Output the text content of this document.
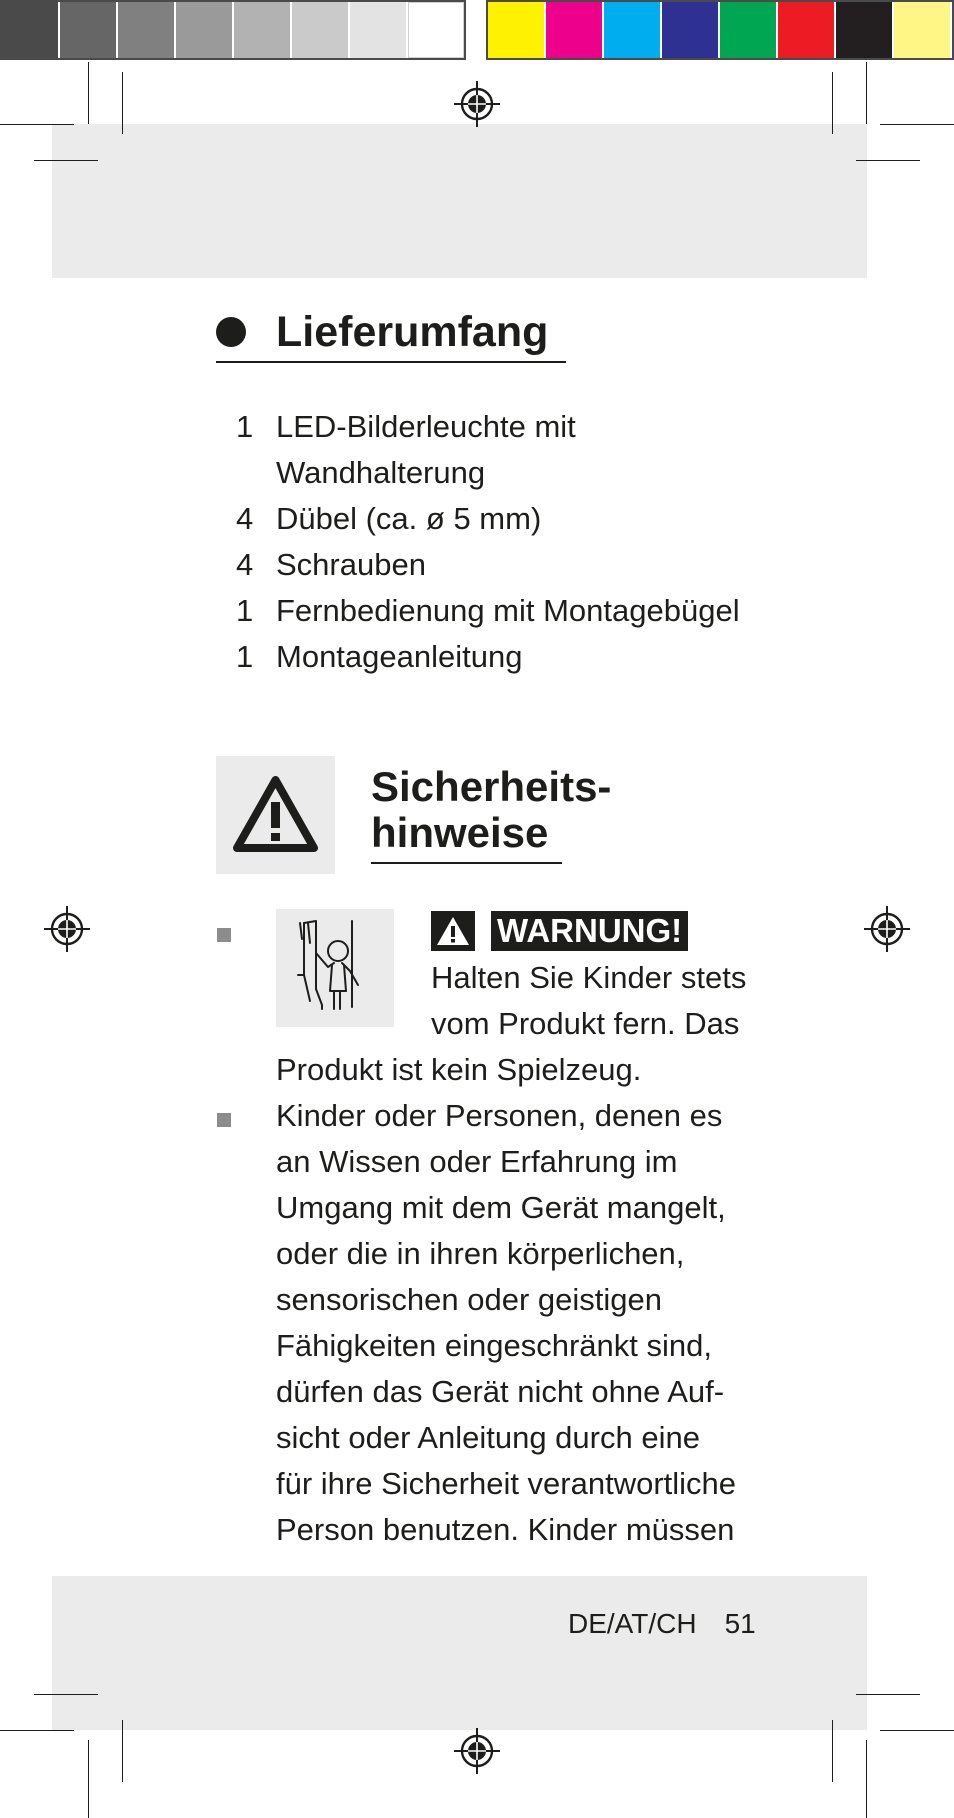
Lieferumfang
1 LED-Bilderleuchte mit
Wandhalterung
4 Dübel (ca. ø 5 mm)
4 Schrauben
1 Fernbedienung mit Montagebügel
1 Montageanleitung
Sicherheits-
hinweise
WARNUNG!
Halten Sie Kinder stets
vom Produkt fern. Das
Produkt ist kein Spielzeug.
Kinder oder Personen, denen es
an Wissen oder Erfahrung im
Umgang mit dem Gerät mangelt,
oder die in ihren körperlichen,
sensorischen oder geistigen
Fähigkeiten eingeschränkt sind,
dürfen das Gerät nicht ohne Auf-
sicht oder Anleitung durch eine
für ihre Sicherheit verantwortliche
Person benutzen. Kinder müssen
DE/AT/CH 51
